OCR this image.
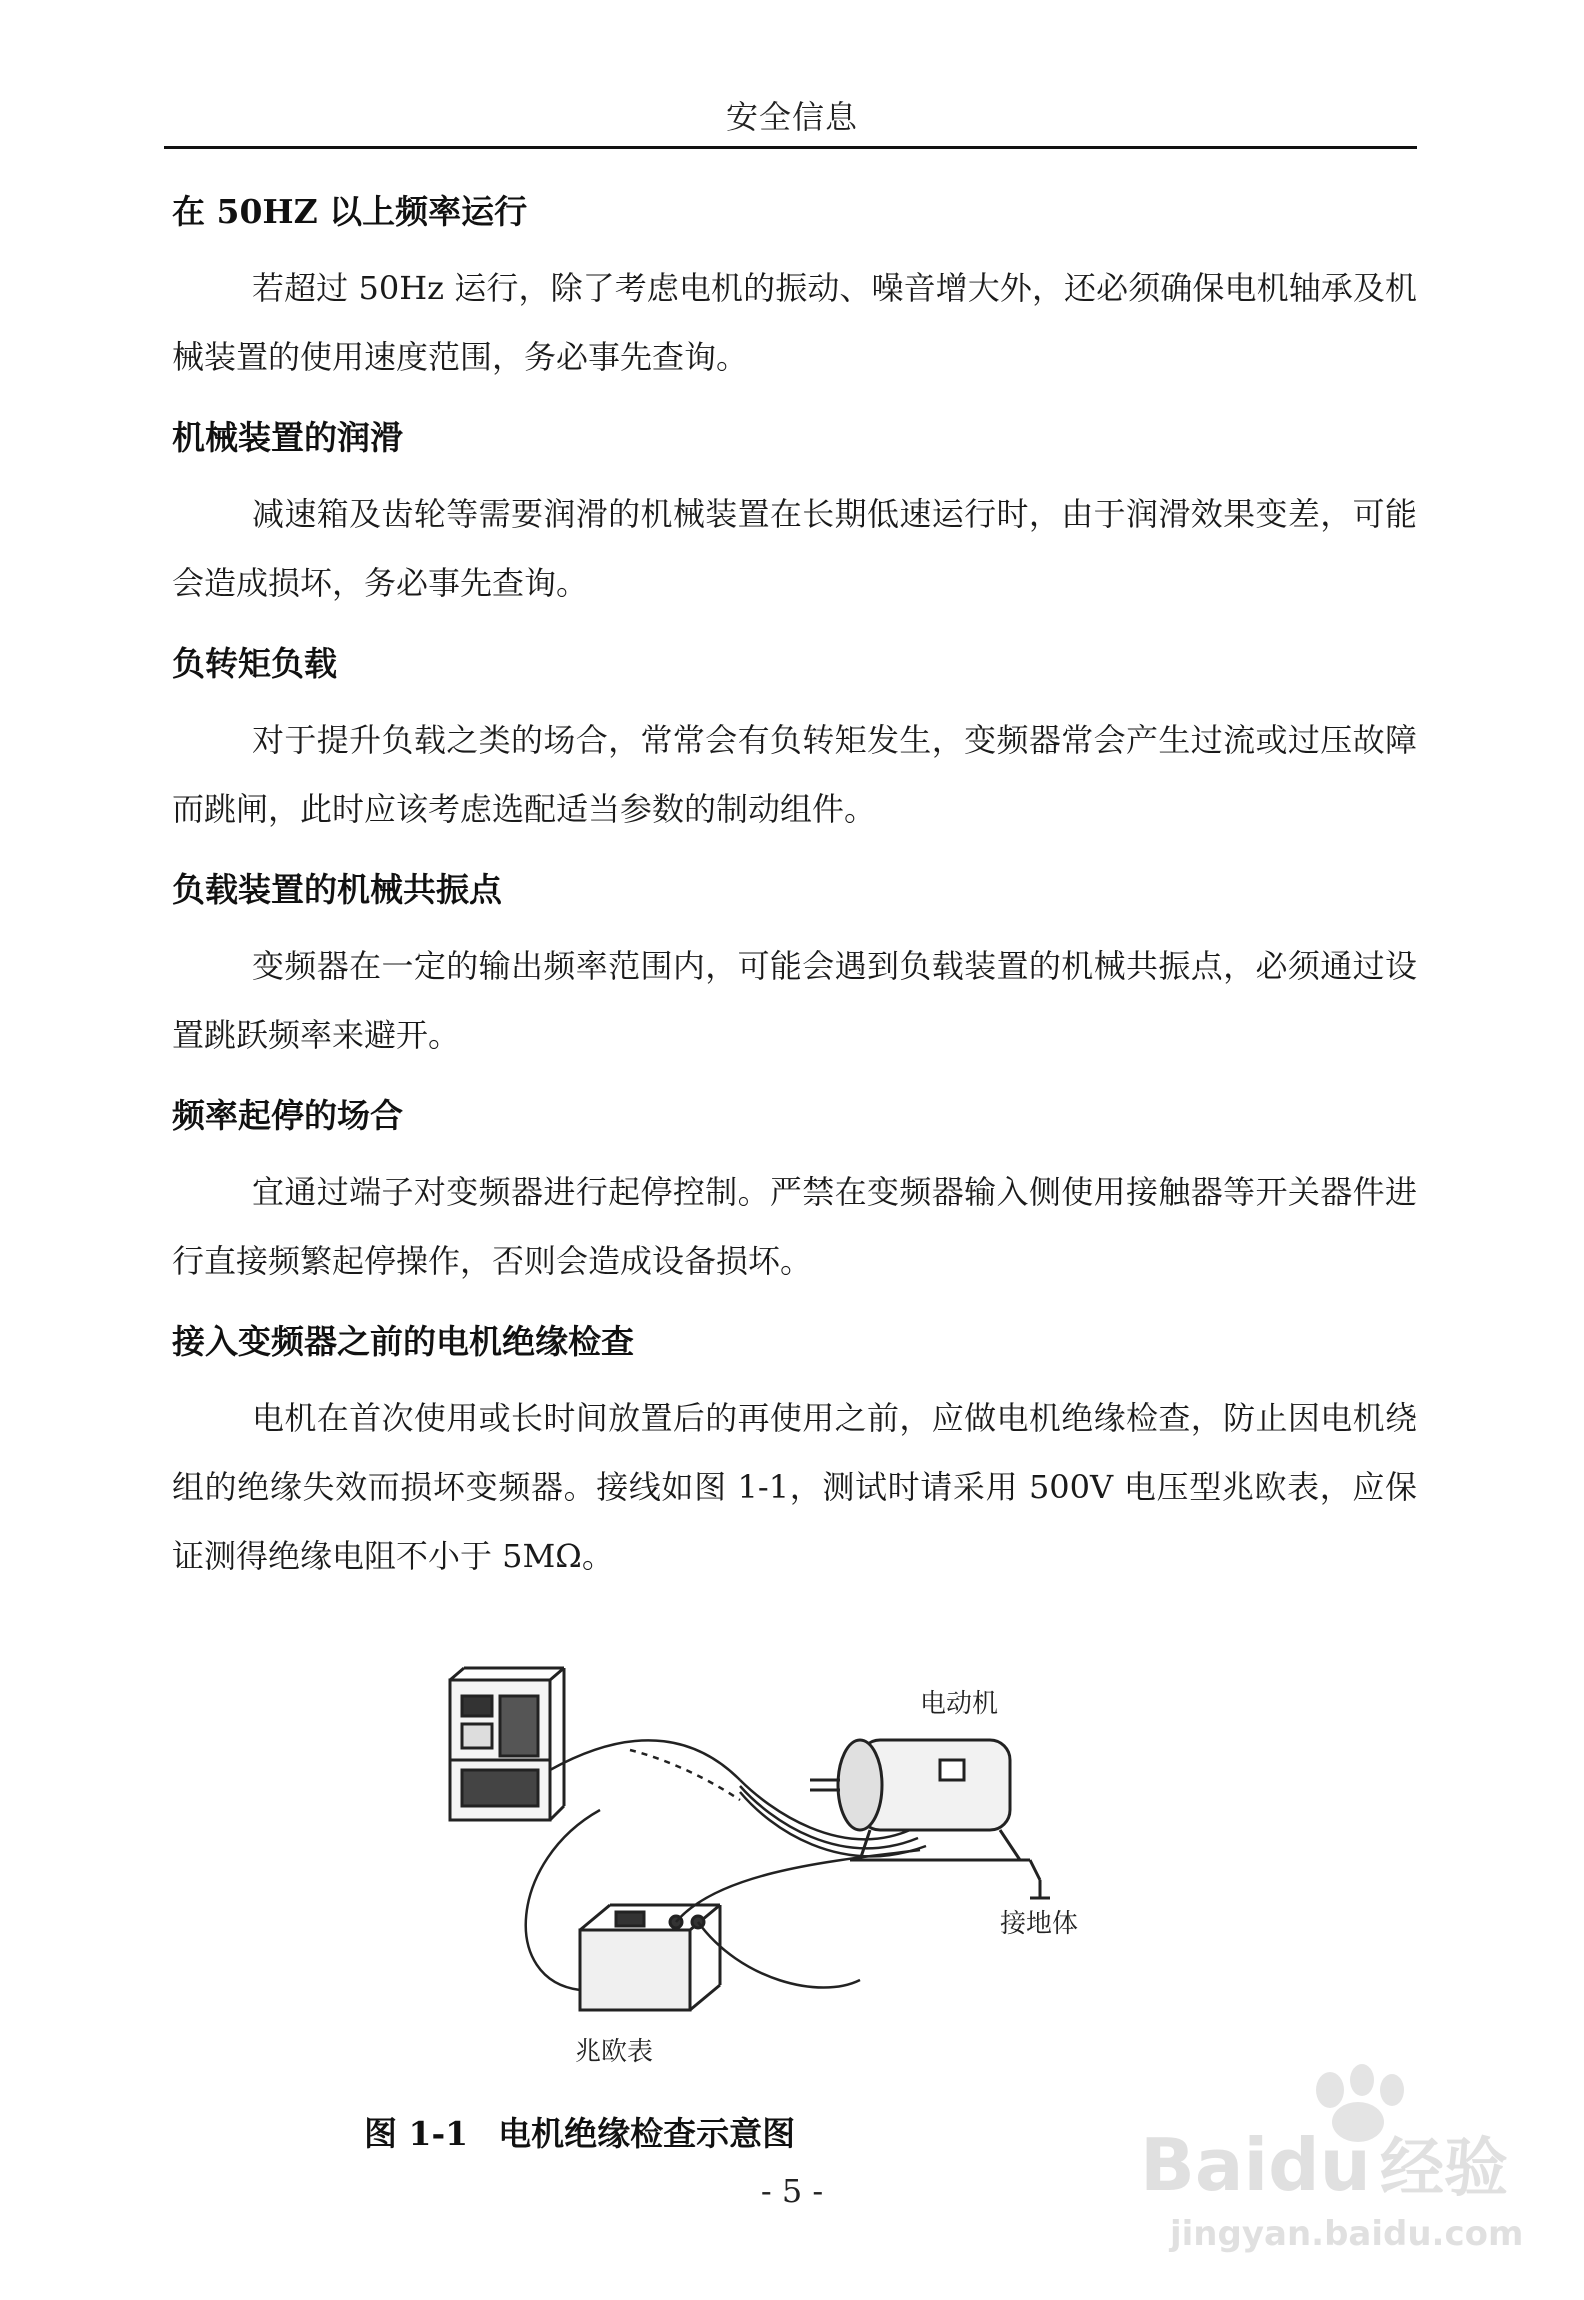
安全信息

在 50HZ 以上频率运行

若超过 50Hz 运行，除了考虑电机的振动、噪音增大外，还必须确保电机轴承及机械装置的使用速度范围，务必事先查询。

机械装置的润滑

减速箱及齿轮等需要润滑的机械装置在长期低速运行时，由于润滑效果变差，可能会造成损坏，务必事先查询。

负转矩负载

对于提升负载之类的场合，常常会有负转矩发生，变频器常会产生过流或过压故障而跳闸，此时应该考虑选配适当参数的制动组件。

负载装置的机械共振点

变频器在一定的输出频率范围内，可能会遇到负载装置的机械共振点，必须通过设置跳跃频率来避开。

频率起停的场合

宜通过端子对变频器进行起停控制。严禁在变频器输入侧使用接触器等开关器件进行直接频繁起停操作，否则会造成设备损坏。

接入变频器之前的电机绝缘检查

电机在首次使用或长时间放置后的再使用之前，应做电机绝缘检查，防止因电机绕组的绝缘失效而损坏变频器。接线如图 1-1，测试时请采用 500V 电压型兆欧表，应保证测得绝缘电阻不小于 5MΩ。

电动机
接地体
兆欧表
图 1-1 电机绝缘检查示意图
- 5 -	Baidu 经验
jingyan.baidu.com
